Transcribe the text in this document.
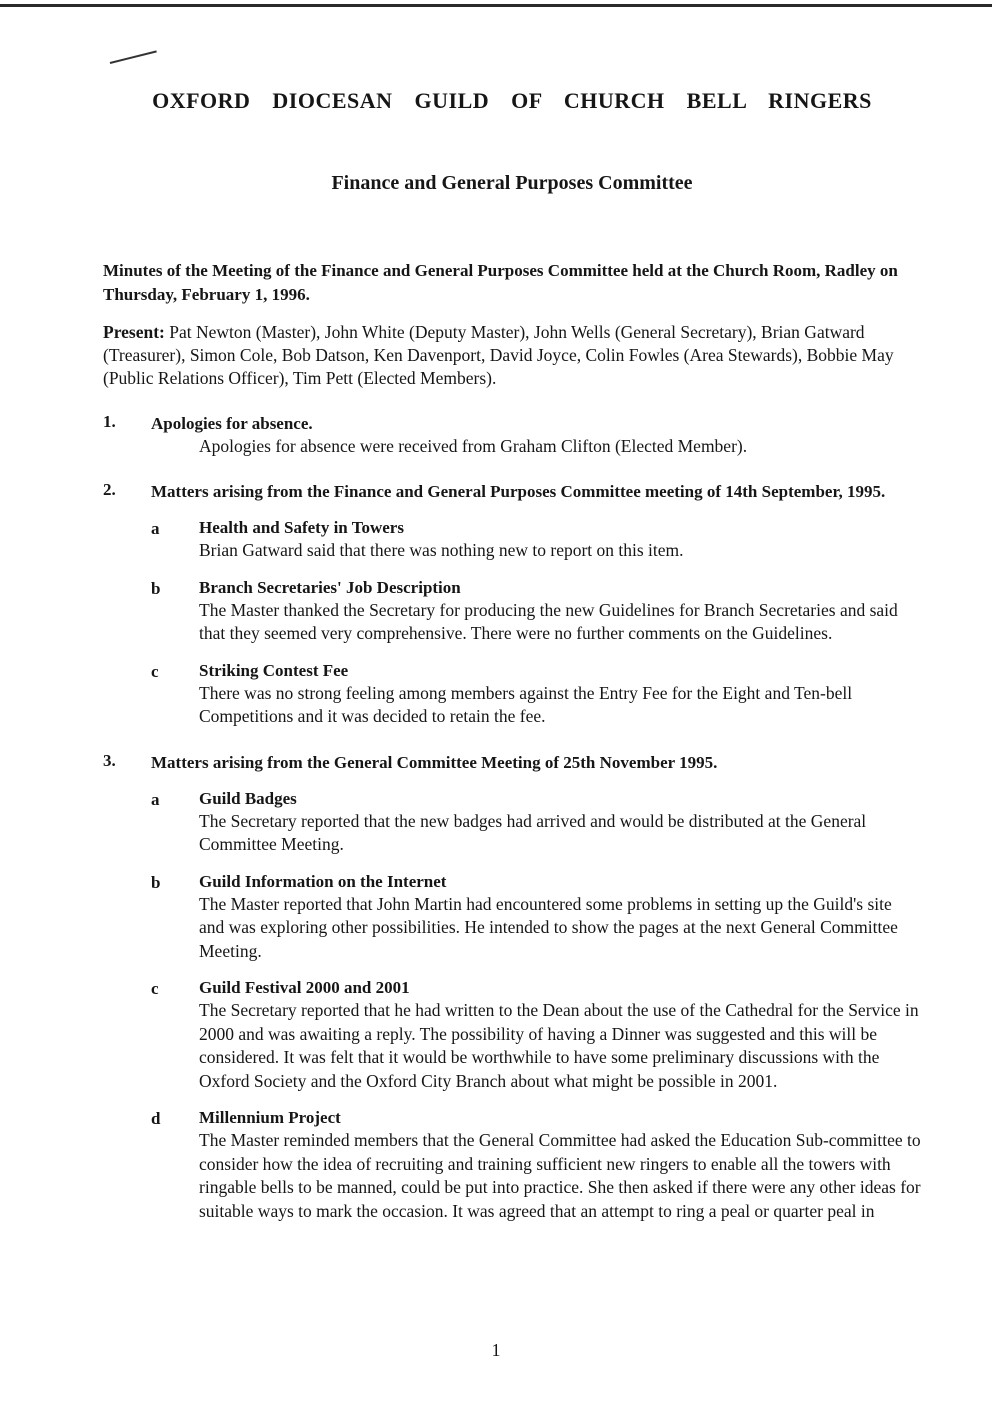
OXFORD DIOCESAN GUILD OF CHURCH BELL RINGERS
Finance and General Purposes Committee

Minutes of the Meeting of the Finance and General Purposes Committee held at the Church Room, Radley on Thursday, February 1, 1996.

Present: Pat Newton (Master), John White (Deputy Master), John Wells (General Secretary), Brian Gatward (Treasurer), Simon Cole, Bob Datson, Ken Davenport, David Joyce, Colin Fowles (Area Stewards), Bobbie May (Public Relations Officer), Tim Pett (Elected Members).

1. Apologies for absence.
Apologies for absence were received from Graham Clifton (Elected Member).
2. Matters arising from the Finance and General Purposes Committee meeting of 14th September, 1995.
a Health and Safety in Towers
Brian Gatward said that there was nothing new to report on this item.
b Branch Secretaries' Job Description
The Master thanked the Secretary for producing the new Guidelines for Branch Secretaries and said that they seemed very comprehensive. There were no further comments on the Guidelines.
c Striking Contest Fee
There was no strong feeling among members against the Entry Fee for the Eight and Ten-bell Competitions and it was decided to retain the fee.
3. Matters arising from the General Committee Meeting of 25th November 1995.
a Guild Badges
The Secretary reported that the new badges had arrived and would be distributed at the General Committee Meeting.
b Guild Information on the Internet
The Master reported that John Martin had encountered some problems in setting up the Guild's site and was exploring other possibilities. He intended to show the pages at the next General Committee Meeting.
c Guild Festival 2000 and 2001
The Secretary reported that he had written to the Dean about the use of the Cathedral for the Service in 2000 and was awaiting a reply. The possibility of having a Dinner was suggested and this will be considered. It was felt that it would be worthwhile to have some preliminary discussions with the Oxford Society and the Oxford City Branch about what might be possible in 2001.
d Millennium Project
The Master reminded members that the General Committee had asked the Education Sub-committee to consider how the idea of recruiting and training sufficient new ringers to enable all the towers with ringable bells to be manned, could be put into practice. She then asked if there were any other ideas for suitable ways to mark the occasion. It was agreed that an attempt to ring a peal or quarter peal in
1
